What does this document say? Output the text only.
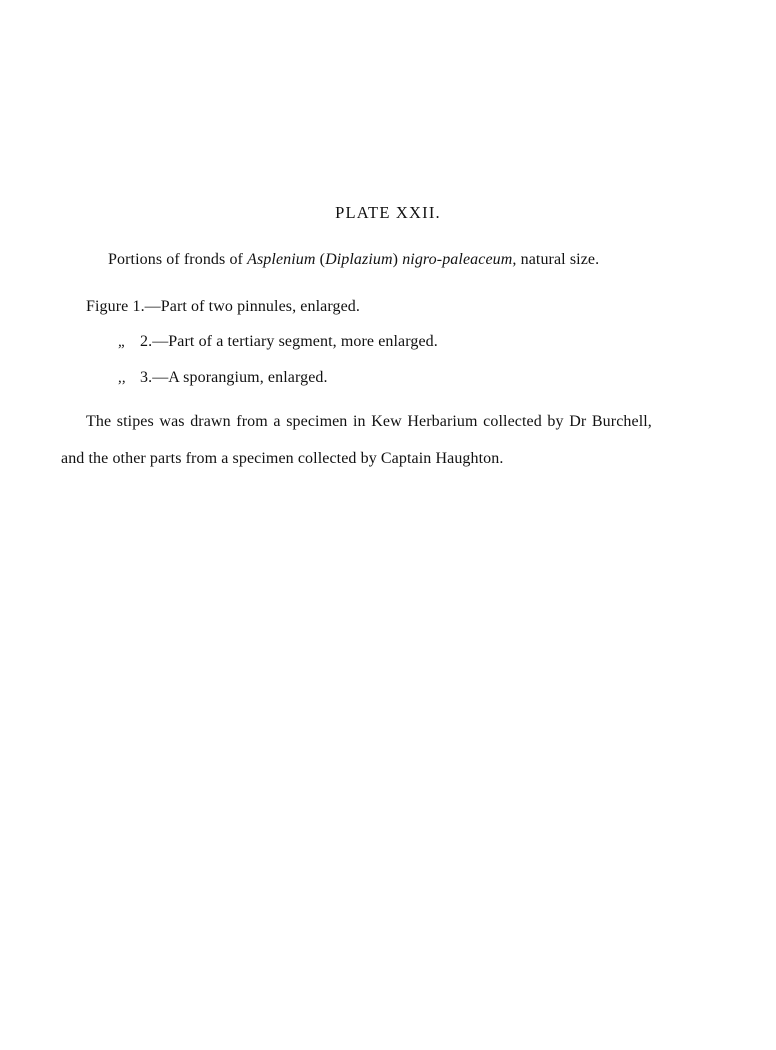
PLATE XXII.
Portions of fronds of Asplenium (Diplazium) nigro-paleaceum, natural size.
Figure 1.—Part of two pinnules, enlarged.
„ 2.—Part of a tertiary segment, more enlarged.
,, 3.—A sporangium, enlarged.
The stipes was drawn from a specimen in Kew Herbarium collected by Dr Burchell,
and the other parts from a specimen collected by Captain Haughton.
